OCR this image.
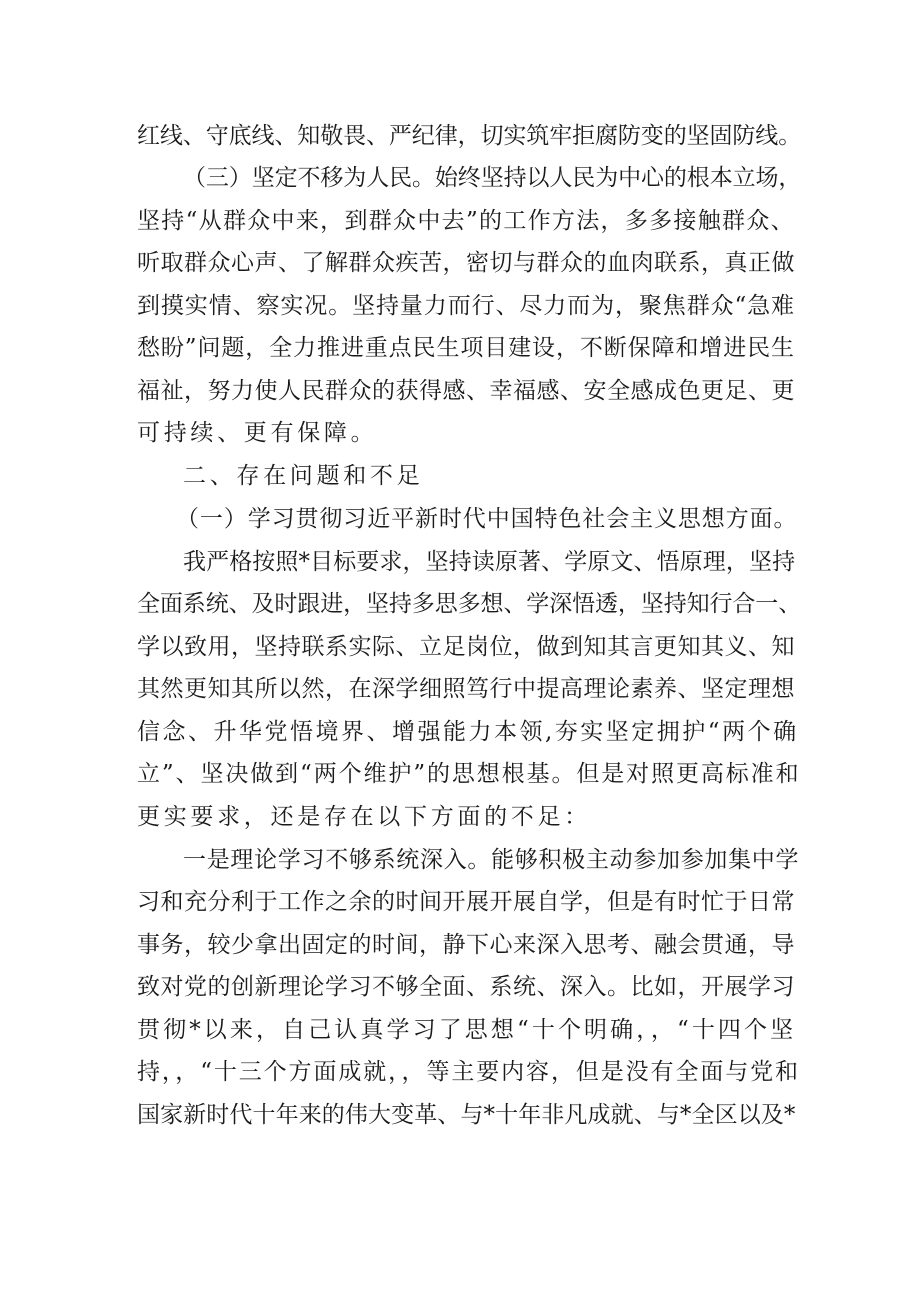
红线、守底线、知敬畏、严纪律，切实筑牢拒腐防变的坚固防线。
（三）坚定不移为人民。始终坚持以人民为中心的根本立场，
坚持“从群众中来，到群众中去”的工作方法，多多接触群众、
听取群众心声、了解群众疾苦，密切与群众的血肉联系，真正做
到摸实情、察实况。坚持量力而行、尽力而为，聚焦群众“急难
愁盼”问题，全力推进重点民生项目建设，不断保障和增进民生
福祉，努力使人民群众的获得感、幸福感、安全感成色更足、更
可持续、更有保障。
二、存在问题和不足
（一）学习贯彻习近平新时代中国特色社会主义思想方面。
我严格按照*目标要求，坚持读原著、学原文、悟原理，坚持
全面系统、及时跟进，坚持多思多想、学深悟透，坚持知行合一、
学以致用，坚持联系实际、立足岗位，做到知其言更知其义、知
其然更知其所以然，在深学细照笃行中提高理论素养、坚定理想
信念、升华党悟境界、增强能力本领,夯实坚定拥护“两个确
立”、坚决做到“两个维护”的思想根基。但是对照更高标准和
更实要求，还是存在以下方面的不足：
一是理论学习不够系统深入。能够积极主动参加参加集中学
习和充分利于工作之余的时间开展开展自学，但是有时忙于日常
事务，较少拿出固定的时间，静下心来深入思考、融会贯通，导
致对党的创新理论学习不够全面、系统、深入。比如，开展学习
贯彻*以来，自己认真学习了思想“十个明确，，“十四个坚
持，，“十三个方面成就，，等主要内容，但是没有全面与党和
国家新时代十年来的伟大变革、与*十年非凡成就、与*全区以及*
